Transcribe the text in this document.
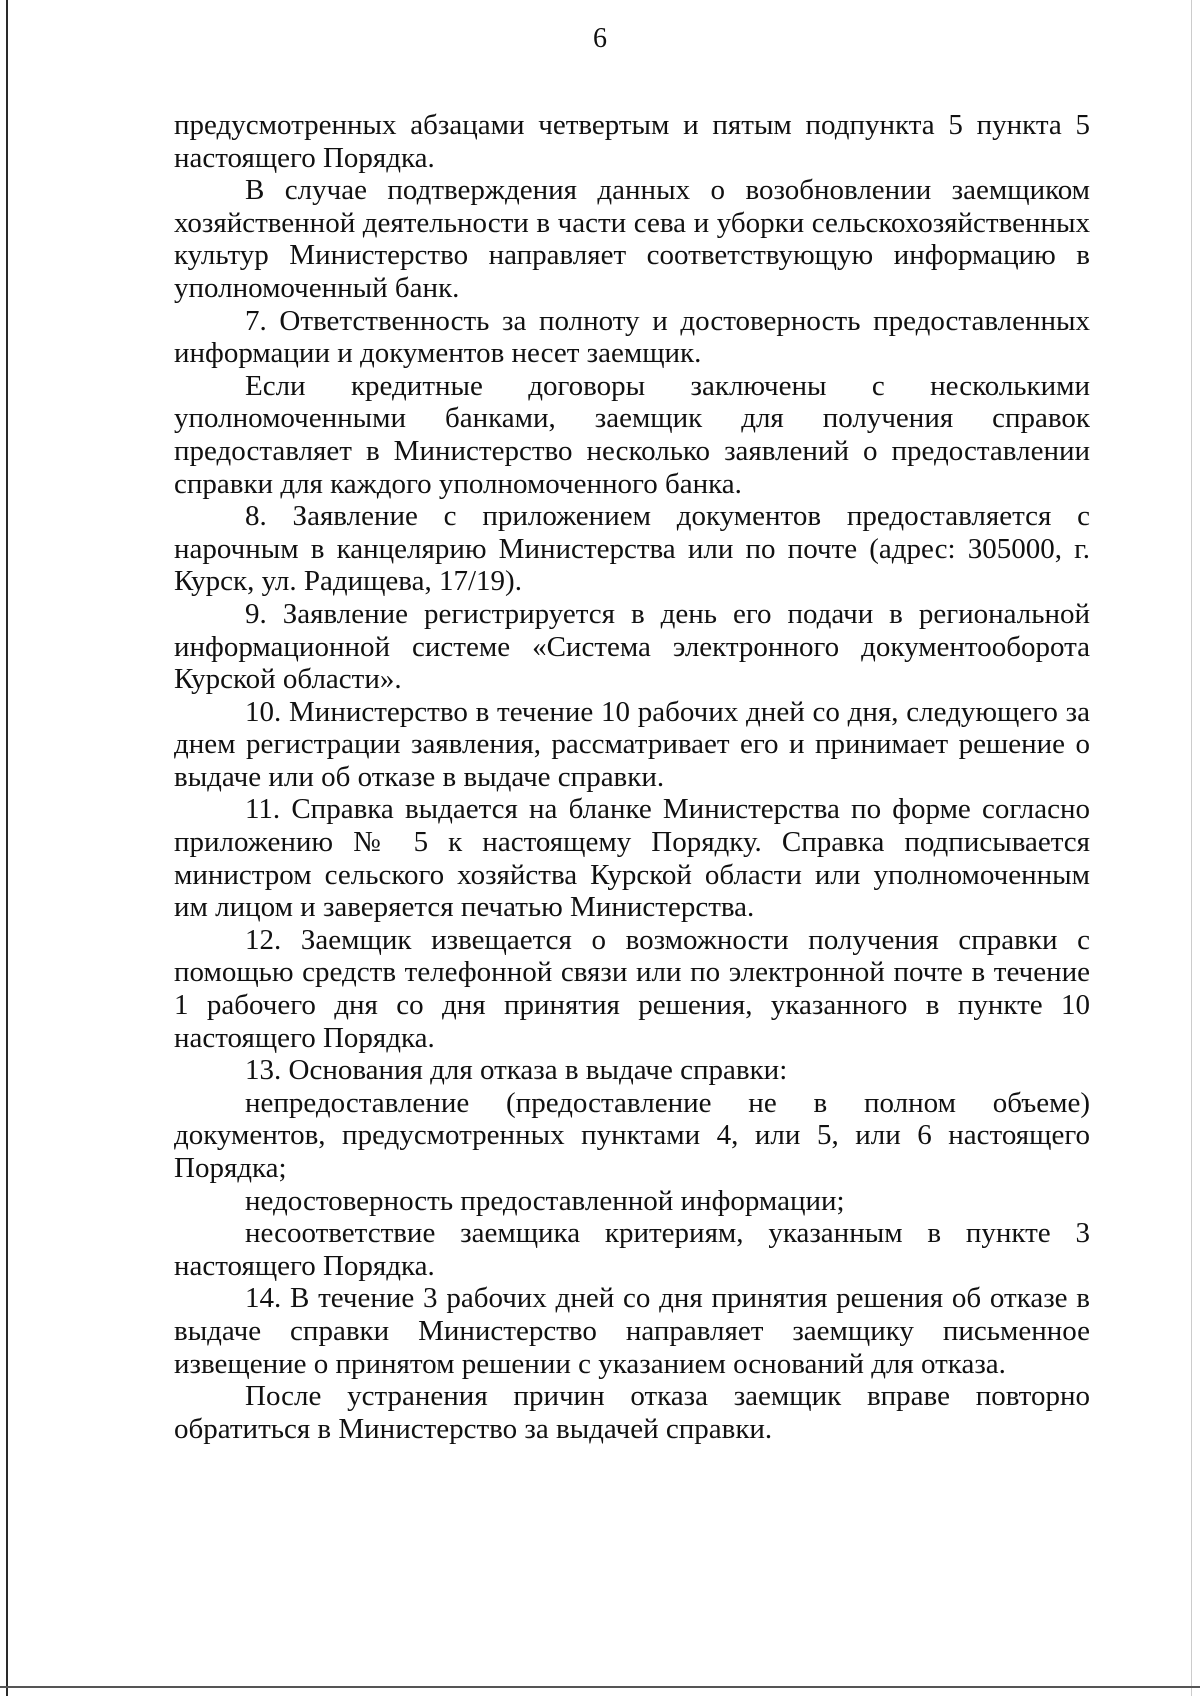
6

предусмотренных абзацами четвертым и пятым подпункта 5 пункта 5 настоящего Порядка.

В случае подтверждения данных о возобновлении заемщиком хозяйственной деятельности в части сева и уборки сельскохозяйственных культур Министерство направляет соответствующую информацию в уполномоченный банк.

7. Ответственность за полноту и достоверность предоставленных информации и документов несет заемщик.

Если кредитные договоры заключены с несколькими уполномоченными банками, заемщик для получения справок предоставляет в Министерство несколько заявлений о предоставлении справки для каждого уполномоченного банка.

8. Заявление с приложением документов предоставляется с нарочным в канцелярию Министерства или по почте (адрес: 305000, г. Курск, ул. Радищева, 17/19).

9. Заявление регистрируется в день его подачи в региональной информационной системе «Система электронного документооборота Курской области».

10. Министерство в течение 10 рабочих дней со дня, следующего за днем регистрации заявления, рассматривает его и принимает решение о выдаче или об отказе в выдаче справки.

11. Справка выдается на бланке Министерства по форме согласно приложению № 5 к настоящему Порядку. Справка подписывается министром сельского хозяйства Курской области или уполномоченным им лицом и заверяется печатью Министерства.

12. Заемщик извещается о возможности получения справки с помощью средств телефонной связи или по электронной почте в течение 1 рабочего дня со дня принятия решения, указанного в пункте 10 настоящего Порядка.

13. Основания для отказа в выдаче справки:

непредоставление (предоставление не в полном объеме) документов, предусмотренных пунктами 4, или 5, или 6 настоящего Порядка;

недостоверность предоставленной информации;

несоответствие заемщика критериям, указанным в пункте 3 настоящего Порядка.

14. В течение 3 рабочих дней со дня принятия решения об отказе в выдаче справки Министерство направляет заемщику письменное извещение о принятом решении с указанием оснований для отказа.

После устранения причин отказа заемщик вправе повторно обратиться в Министерство за выдачей справки.
